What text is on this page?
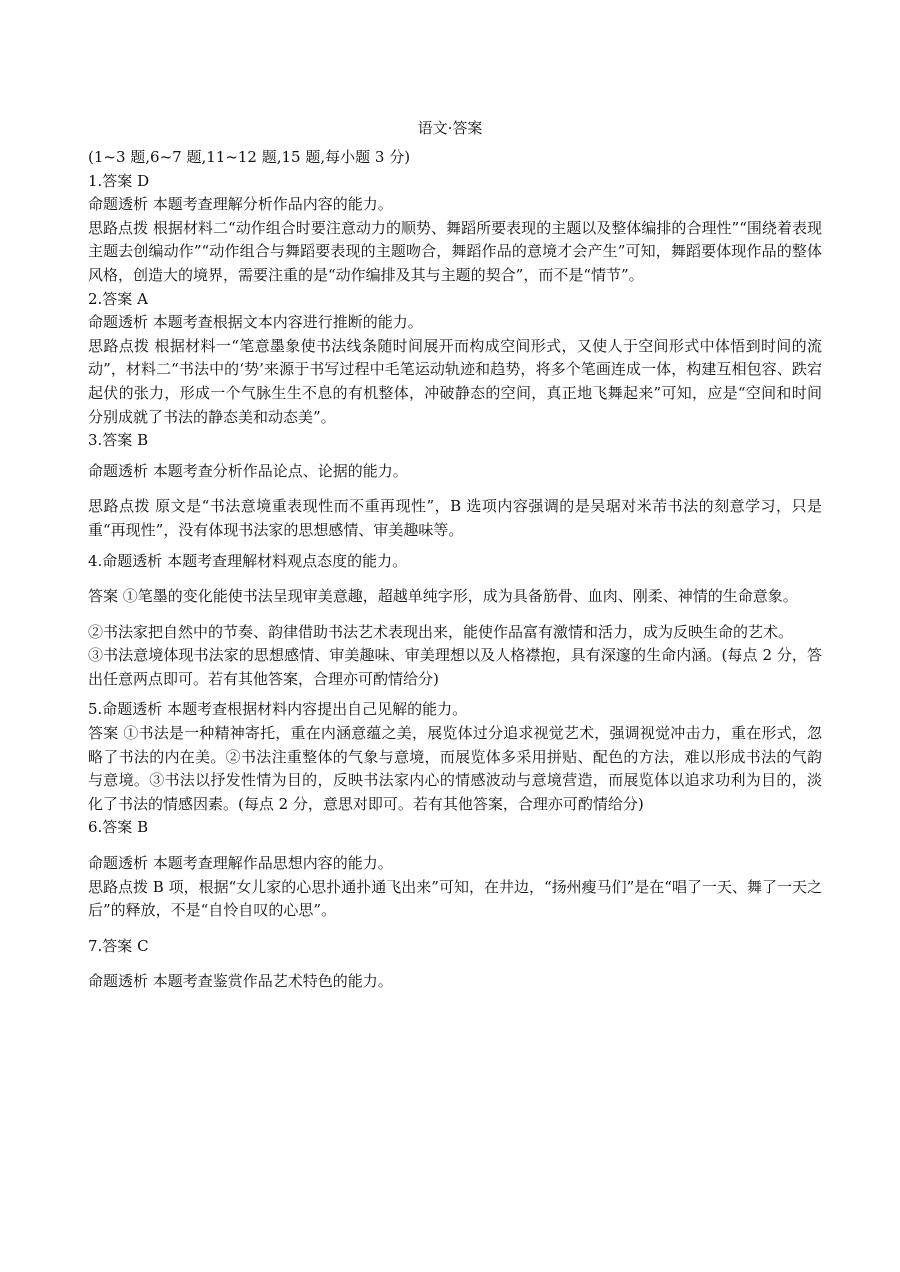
语文·答案

(1~3 题,6~7 题,11~12 题,15 题,每小题 3 分)

1.答案 D

命题透析 本题考查理解分析作品内容的能力。

思路点拨 根据材料二“动作组合时要注意动力的顺势、舞蹈所要表现的主题以及整体编排的合理性”“围绕着表现主题去创编动作”“动作组合与舞蹈要表现的主题吻合，舞蹈作品的意境才会产生”可知，舞蹈要体现作品的整体风格，创造大的境界，需要注重的是“动作编排及其与主题的契合”，而不是“情节”。

2.答案 A

命题透析 本题考查根据文本内容进行推断的能力。

思路点拨 根据材料一“笔意墨象使书法线条随时间展开而构成空间形式，又使人于空间形式中体悟到时间的流动”，材料二“书法中的‘势’来源于书写过程中毛笔运动轨迹和趋势，将多个笔画连成一体，构建互相包容、跌宕起伏的张力，形成一个气脉生生不息的有机整体，冲破静态的空间，真正地飞舞起来”可知，应是“空间和时间分别成就了书法的静态美和动态美”。

3.答案 B

命题透析 本题考查分析作品论点、论据的能力。

思路点拨 原文是“书法意境重表现性而不重再现性”，B 选项内容强调的是吴琚对米芾书法的刻意学习，只是重“再现性”，没有体现书法家的思想感情、审美趣味等。

4.命题透析 本题考查理解材料观点态度的能力。

答案 ①笔墨的变化能使书法呈现审美意趣，超越单纯字形，成为具备筋骨、血肉、刚柔、神情的生命意象。

②书法家把自然中的节奏、韵律借助书法艺术表现出来，能使作品富有激情和活力，成为反映生命的艺术。

③书法意境体现书法家的思想感情、审美趣味、审美理想以及人格襟抱，具有深邃的生命内涵。(每点 2 分，答出任意两点即可。若有其他答案，合理亦可酌情给分)

5.命题透析 本题考查根据材料内容提出自己见解的能力。

答案 ①书法是一种精神寄托，重在内涵意蕴之美，展览体过分追求视觉艺术，强调视觉冲击力，重在形式，忽略了书法的内在美。②书法注重整体的气象与意境，而展览体多采用拼贴、配色的方法，难以形成书法的气韵与意境。③书法以抒发性情为目的，反映书法家内心的情感波动与意境营造，而展览体以追求功利为目的，淡化了书法的情感因素。(每点 2 分，意思对即可。若有其他答案，合理亦可酌情给分)

6.答案 B

命题透析 本题考查理解作品思想内容的能力。

思路点拨 B 项，根据“女儿家的心思扑通扑通飞出来”可知，在井边，“扬州瘦马们”是在“唱了一天、舞了一天之后”的释放，不是“自怜自叹的心思”。

7.答案 C

命题透析 本题考查鉴赏作品艺术特色的能力。
